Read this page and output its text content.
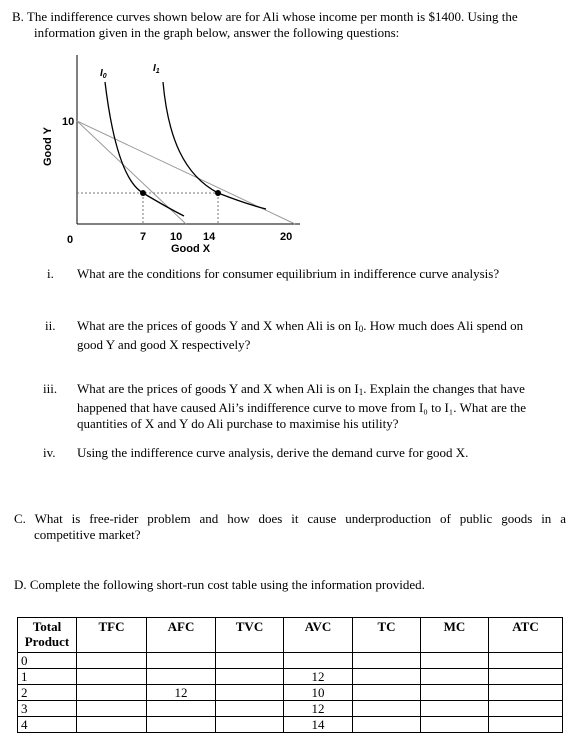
B. The indifference curves shown below are for Ali whose income per month is $1400. Using the
information given in the graph below, answer the following questions:
$I_0$
$I_1$
10
0	7 10 14	20
Good X
Good Y
i. What are the conditions for consumer equilibrium in indifference curve analysis?
ii. What are the prices of goods Y and X when Ali is on $I_0$. How much does Ali spend on
good Y and good X respectively?
iii. What are the prices of goods Y and X when Ali is on $I_1$. Explain the changes that have
happened that have caused Ali’s indifference curve to move from I₀ to I₁. What are the
quantities of X and Y do Ali purchase to maximise his utility?
iv. Using the indifference curve analysis, derive the demand curve for good X.
C. What is free-rider problem and how does it cause underproduction of public goods in a
competitive market?
D. Complete the following short-run cost table using the information provided.
Total Product	TFC	AFC	TVC	AVC	TC	MC	ATC
0							
1				12			
2		12		10			
3				12			
4				14			
